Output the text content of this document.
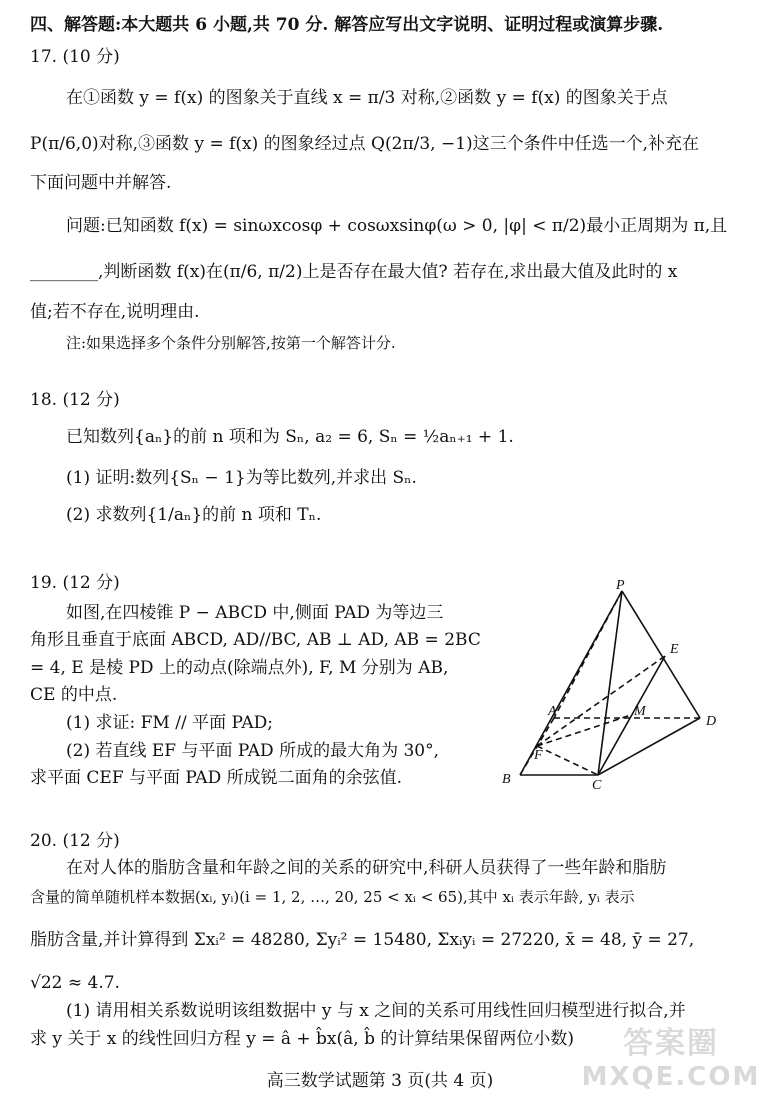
四、解答题:本大题共 6 小题,共 70 分. 解答应写出文字说明、证明过程或演算步骤.
17. (10 分)
在①函数 y = f(x) 的图象关于直线 x = π/3 对称,②函数 y = f(x) 的图象关于点
P(π/6,0)对称,③函数 y = f(x) 的图象经过点 Q(2π/3, −1)这三个条件中任选一个,补充在
下面问题中并解答.
问题:已知函数 f(x) = sinωxcosφ + cosωxsinφ(ω > 0, |φ| < π/2)最小正周期为 π,且
________,判断函数 f(x)在(π/6, π/2)上是否存在最大值? 若存在,求出最大值及此时的 x
值;若不存在,说明理由.
注:如果选择多个条件分别解答,按第一个解答计分.
18. (12 分)
已知数列{aₙ}的前 n 项和为 Sₙ, a₂ = 6, Sₙ = ½aₙ₊₁ + 1.
(1) 证明:数列{Sₙ − 1}为等比数列,并求出 Sₙ.
(2) 求数列{1/aₙ}的前 n 项和 Tₙ.
19. (12 分)
如图,在四棱锥 P − ABCD 中,侧面 PAD 为等边三
角形且垂直于底面 ABCD, AD//BC, AB ⊥ AD, AB = 2BC
= 4, E 是棱 PD 上的动点(除端点外), F, M 分别为 AB,
CE 的中点.
(1) 求证: FM // 平面 PAD;
(2) 若直线 EF 与平面 PAD 所成的最大角为 30°,
求平面 CEF 与平面 PAD 所成锐二面角的余弦值.
P
E
A	M
D
F
B	C
20. (12 分)
在对人体的脂肪含量和年龄之间的关系的研究中,科研人员获得了一些年龄和脂肪
含量的简单随机样本数据(xᵢ, yᵢ)(i = 1, 2, …, 20, 25 < xᵢ < 65),其中 xᵢ 表示年龄, yᵢ 表示
脂肪含量,并计算得到 Σxᵢ² = 48280, Σyᵢ² = 15480, Σxᵢyᵢ = 27220, x̄ = 48, ȳ = 27,
√22 ≈ 4.7.
(1) 请用相关系数说明该组数据中 y 与 x 之间的关系可用线性回归模型进行拟合,并
求 y 关于 x 的线性回归方程 y = â + b̂x(â, b̂ 的计算结果保留两位小数)
高三数学试题第 3 页(共 4 页)
答案圈
MXQE.COM
